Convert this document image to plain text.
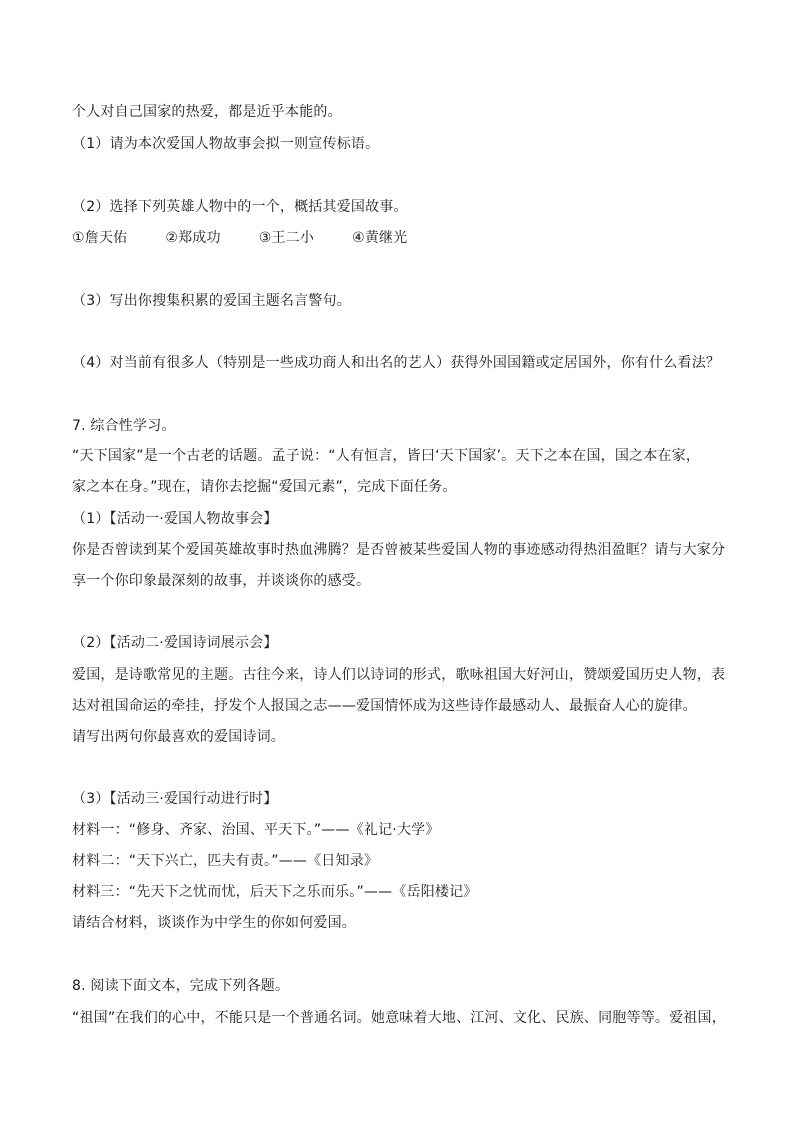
个人对自己国家的热爱，都是近乎本能的。
（1）请为本次爱国人物故事会拟一则宣传标语。
（2）选择下列英雄人物中的一个，概括其爱国故事。
①詹天佑	②郑成功	③王二小	④黄继光
（3）写出你搜集积累的爱国主题名言警句。
（4）对当前有很多人（特别是一些成功商人和出名的艺人）获得外国国籍或定居国外，你有什么看法？
7. 综合性学习。
“天下国家”是一个古老的话题。孟子说：“人有恒言，皆曰‘天下国家’。天下之本在国，国之本在家，
家之本在身。”现在，请你去挖掘“爱国元素”，完成下面任务。
（1）【活动一·爱国人物故事会】
你是否曾读到某个爱国英雄故事时热血沸腾？是否曾被某些爱国人物的事迹感动得热泪盈眶？请与大家分
享一个你印象最深刻的故事，并谈谈你的感受。
（2）【活动二·爱国诗词展示会】
爱国，是诗歌常见的主题。古往今来，诗人们以诗词的形式，歌咏祖国大好河山，赞颂爱国历史人物，表
达对祖国命运的牵挂，抒发个人报国之志——爱国情怀成为这些诗作最感动人、最振奋人心的旋律。
请写出两句你最喜欢的爱国诗词。
（3）【活动三·爱国行动进行时】
材料一：“修身、齐家、治国、平天下。”——《礼记·大学》
材料二：“天下兴亡，匹夫有责。”——《日知录》
材料三：“先天下之忧而忧，后天下之乐而乐。”——《岳阳楼记》
请结合材料，谈谈作为中学生的你如何爱国。
8. 阅读下面文本，完成下列各题。
“祖国”在我们的心中，不能只是一个普通名词。她意味着大地、江河、文化、民族、同胞等等。爱祖国，
